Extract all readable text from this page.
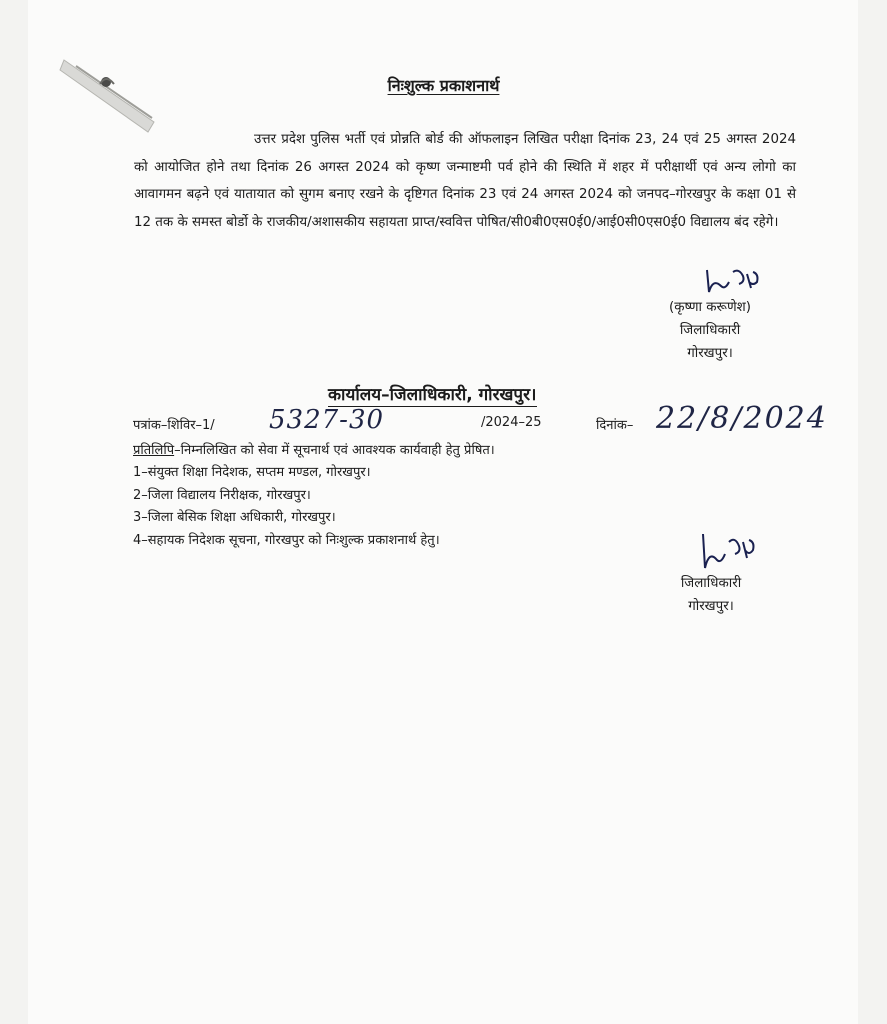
निःशुल्क प्रकाशनार्थ
उत्तर प्रदेश पुलिस भर्ती एवं प्रोन्नति बोर्ड की ऑफलाइन लिखित परीक्षा दिनांक 23, 24 एवं 25 अगस्त 2024 को आयोजित होने तथा दिनांक 26 अगस्त 2024 को कृष्ण जन्माष्टमी पर्व होने की स्थिति में शहर में परीक्षार्थी एवं अन्य लोगो का आवागमन बढ़ने एवं यातायात को सुगम बनाए रखने के दृष्टिगत दिनांक 23 एवं 24 अगस्त 2024 को जनपद–गोरखपुर के कक्षा 01 से 12 तक के समस्त बोर्डो के राजकीय/अशासकीय सहायता प्राप्त/स्ववित्त पोषित/सी0बी0एस0ई0/आई0सी0एस0ई0 विद्यालय बंद रहेगे।
(कृष्णा करूणेश)
जिलाधिकारी
गोरखपुर।
कार्यालय–जिलाधिकारी, गोरखपुर।
पत्रांक–शिविर–1/ 5327-30	/2024–25	दिनांक– 22/8/2024
प्रतिलिपि–निम्नलिखित को सेवा में सूचनार्थ एवं आवश्यक कार्यवाही हेतु प्रेषित।
1–संयुक्त शिक्षा निदेशक, सप्तम मण्डल, गोरखपुर।
2–जिला विद्यालय निरीक्षक, गोरखपुर।
3–जिला बेसिक शिक्षा अधिकारी, गोरखपुर।
4–सहायक निदेशक सूचना, गोरखपुर को निःशुल्क प्रकाशनार्थ हेतु।
जिलाधिकारी
गोरखपुर।
